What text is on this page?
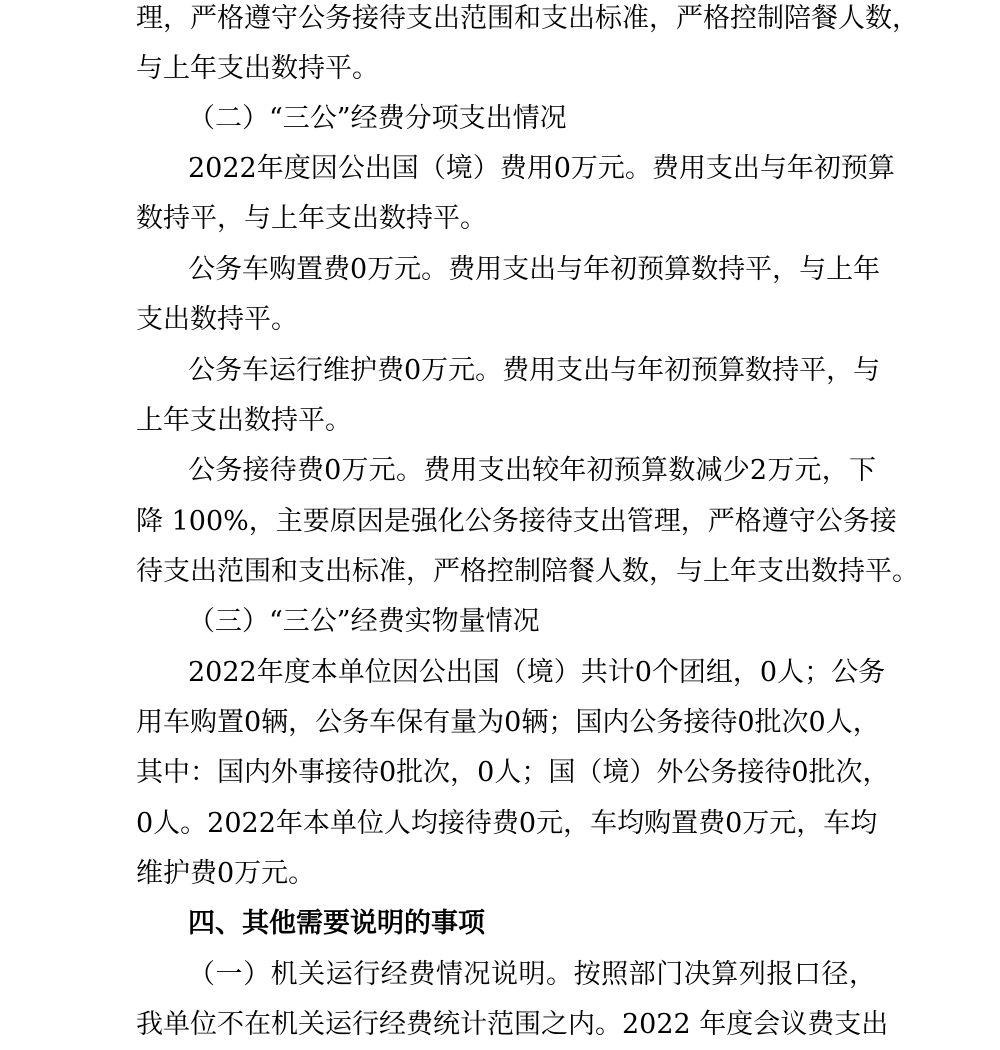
理，严格遵守公务接待支出范围和支出标准，严格控制陪餐人数，
与上年支出数持平。
（二）“三公”经费分项支出情况
2022年度因公出国（境）费用0万元。费用支出与年初预算
数持平，与上年支出数持平。
公务车购置费0万元。费用支出与年初预算数持平，与上年
支出数持平。
公务车运行维护费0万元。费用支出与年初预算数持平，与
上年支出数持平。
公务接待费0万元。费用支出较年初预算数减少2万元，下
降 100%，主要原因是强化公务接待支出管理，严格遵守公务接
待支出范围和支出标准，严格控制陪餐人数，与上年支出数持平。
（三）“三公”经费实物量情况
2022年度本单位因公出国（境）共计0个团组，0人；公务
用车购置0辆，公务车保有量为0辆；国内公务接待0批次0人，
其中：国内外事接待0批次，0人；国（境）外公务接待0批次，
0人。2022年本单位人均接待费0元，车均购置费0万元，车均
维护费0万元。
四、其他需要说明的事项
（一）机关运行经费情况说明。按照部门决算列报口径，
我单位不在机关运行经费统计范围之内。2022 年度会议费支出
